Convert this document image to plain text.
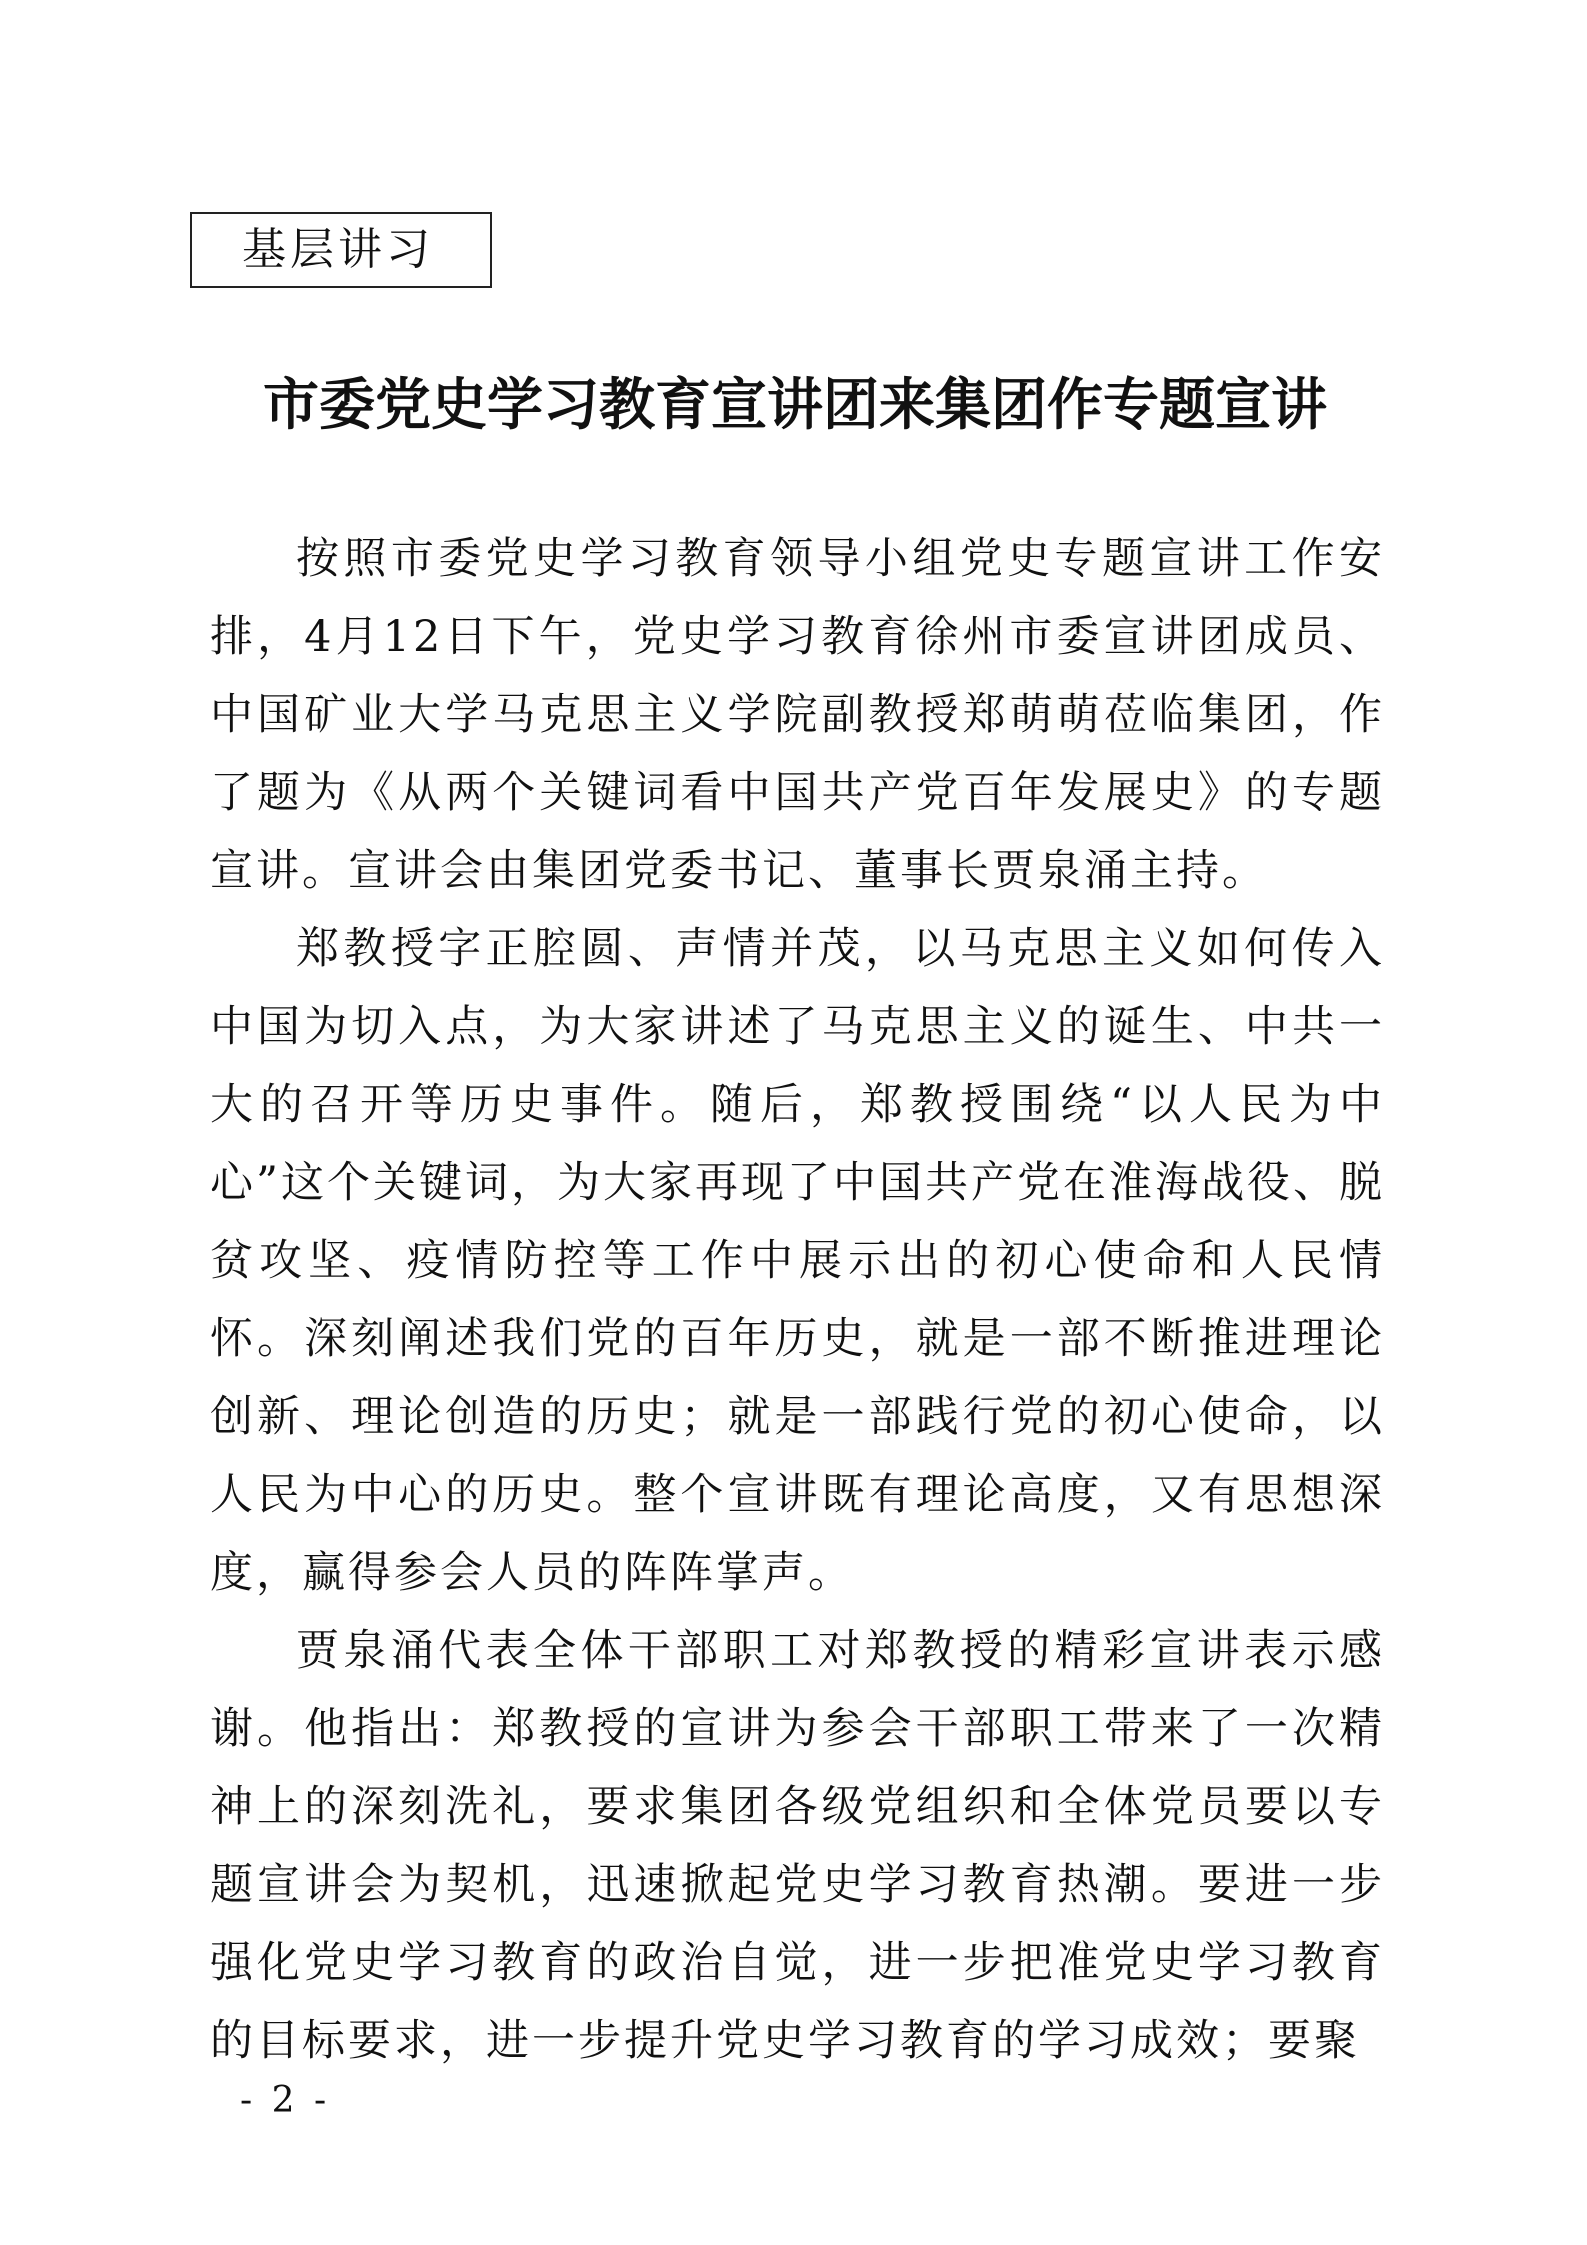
基层讲习
市委党史学习教育宣讲团来集团作专题宣讲

按照市委党史学习教育领导小组党史专题宣讲工作安排，4月12日下午，党史学习教育徐州市委宣讲团成员、中国矿业大学马克思主义学院副教授郑萌萌莅临集团，作了题为《从两个关键词看中国共产党百年发展史》的专题宣讲。宣讲会由集团党委书记、董事长贾泉涌主持。

郑教授字正腔圆、声情并茂，以马克思主义如何传入中国为切入点，为大家讲述了马克思主义的诞生、中共一大的召开等历史事件。随后，郑教授围绕“以人民为中心”这个关键词，为大家再现了中国共产党在淮海战役、脱贫攻坚、疫情防控等工作中展示出的初心使命和人民情怀。深刻阐述我们党的百年历史，就是一部不断推进理论创新、理论创造的历史；就是一部践行党的初心使命，以人民为中心的历史。整个宣讲既有理论高度，又有思想深度，赢得参会人员的阵阵掌声。

贾泉涌代表全体干部职工对郑教授的精彩宣讲表示感谢。他指出：郑教授的宣讲为参会干部职工带来了一次精神上的深刻洗礼，要求集团各级党组织和全体党员要以专题宣讲会为契机，迅速掀起党史学习教育热潮。要进一步强化党史学习教育的政治自觉，进一步把准党史学习教育的目标要求，进一步提升党史学习教育的学习成效；要聚

- 2 -
